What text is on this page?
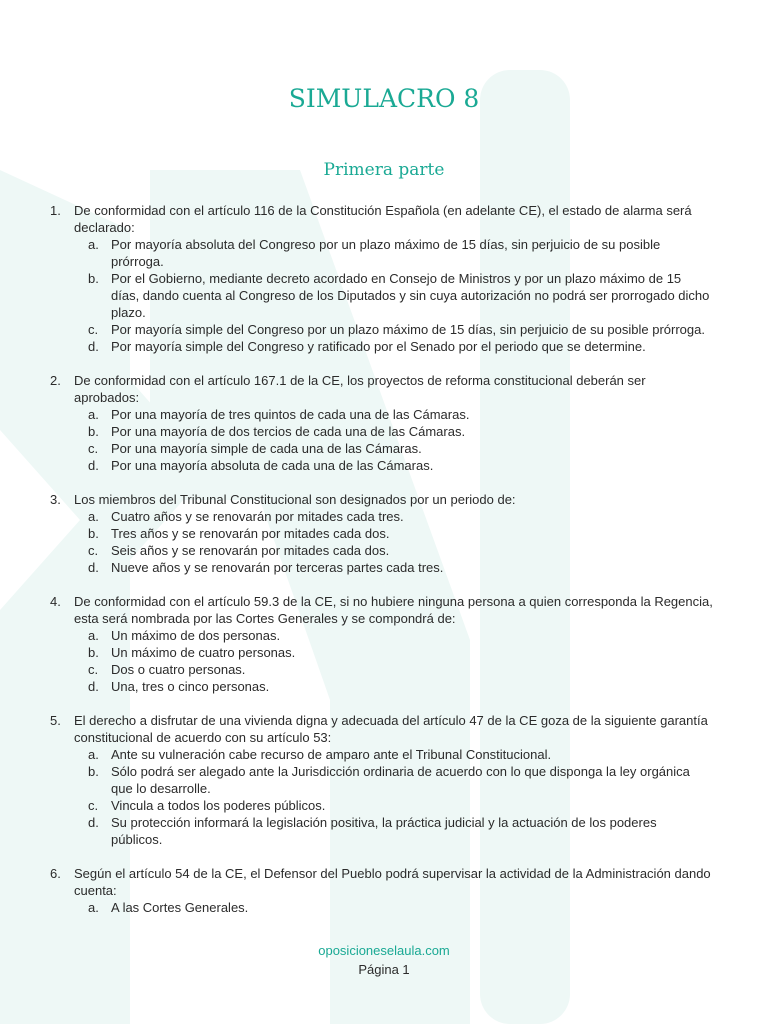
SIMULACRO 8
Primera parte
1. De conformidad con el artículo 116 de la Constitución Española (en adelante CE), el estado de alarma será declarado:
a. Por mayoría absoluta del Congreso por un plazo máximo de 15 días, sin perjuicio de su posible prórroga.
b. Por el Gobierno, mediante decreto acordado en Consejo de Ministros y por un plazo máximo de 15 días, dando cuenta al Congreso de los Diputados y sin cuya autorización no podrá ser prorrogado dicho plazo.
c. Por mayoría simple del Congreso por un plazo máximo de 15 días, sin perjuicio de su posible prórroga.
d. Por mayoría simple del Congreso y ratificado por el Senado por el periodo que se determine.
2. De conformidad con el artículo 167.1 de la CE, los proyectos de reforma constitucional deberán ser aprobados:
a. Por una mayoría de tres quintos de cada una de las Cámaras.
b. Por una mayoría de dos tercios de cada una de las Cámaras.
c. Por una mayoría simple de cada una de las Cámaras.
d. Por una mayoría absoluta de cada una de las Cámaras.
3. Los miembros del Tribunal Constitucional son designados por un periodo de:
a. Cuatro años y se renovarán por mitades cada tres.
b. Tres años y se renovarán por mitades cada dos.
c. Seis años y se renovarán por mitades cada dos.
d. Nueve años y se renovarán por terceras partes cada tres.
4. De conformidad con el artículo 59.3 de la CE, si no hubiere ninguna persona a quien corresponda la Regencia, esta será nombrada por las Cortes Generales y se compondrá de:
a. Un máximo de dos personas.
b. Un máximo de cuatro personas.
c. Dos o cuatro personas.
d. Una, tres o cinco personas.
5. El derecho a disfrutar de una vivienda digna y adecuada del artículo 47 de la CE goza de la siguiente garantía constitucional de acuerdo con su artículo 53:
a. Ante su vulneración cabe recurso de amparo ante el Tribunal Constitucional.
b. Sólo podrá ser alegado ante la Jurisdicción ordinaria de acuerdo con lo que disponga la ley orgánica que lo desarrolle.
c. Vincula a todos los poderes públicos.
d. Su protección informará la legislación positiva, la práctica judicial y la actuación de los poderes públicos.
6. Según el artículo 54 de la CE, el Defensor del Pueblo podrá supervisar la actividad de la Administración dando cuenta:
a. A las Cortes Generales.
oposicioneselaula.com
Página 1
